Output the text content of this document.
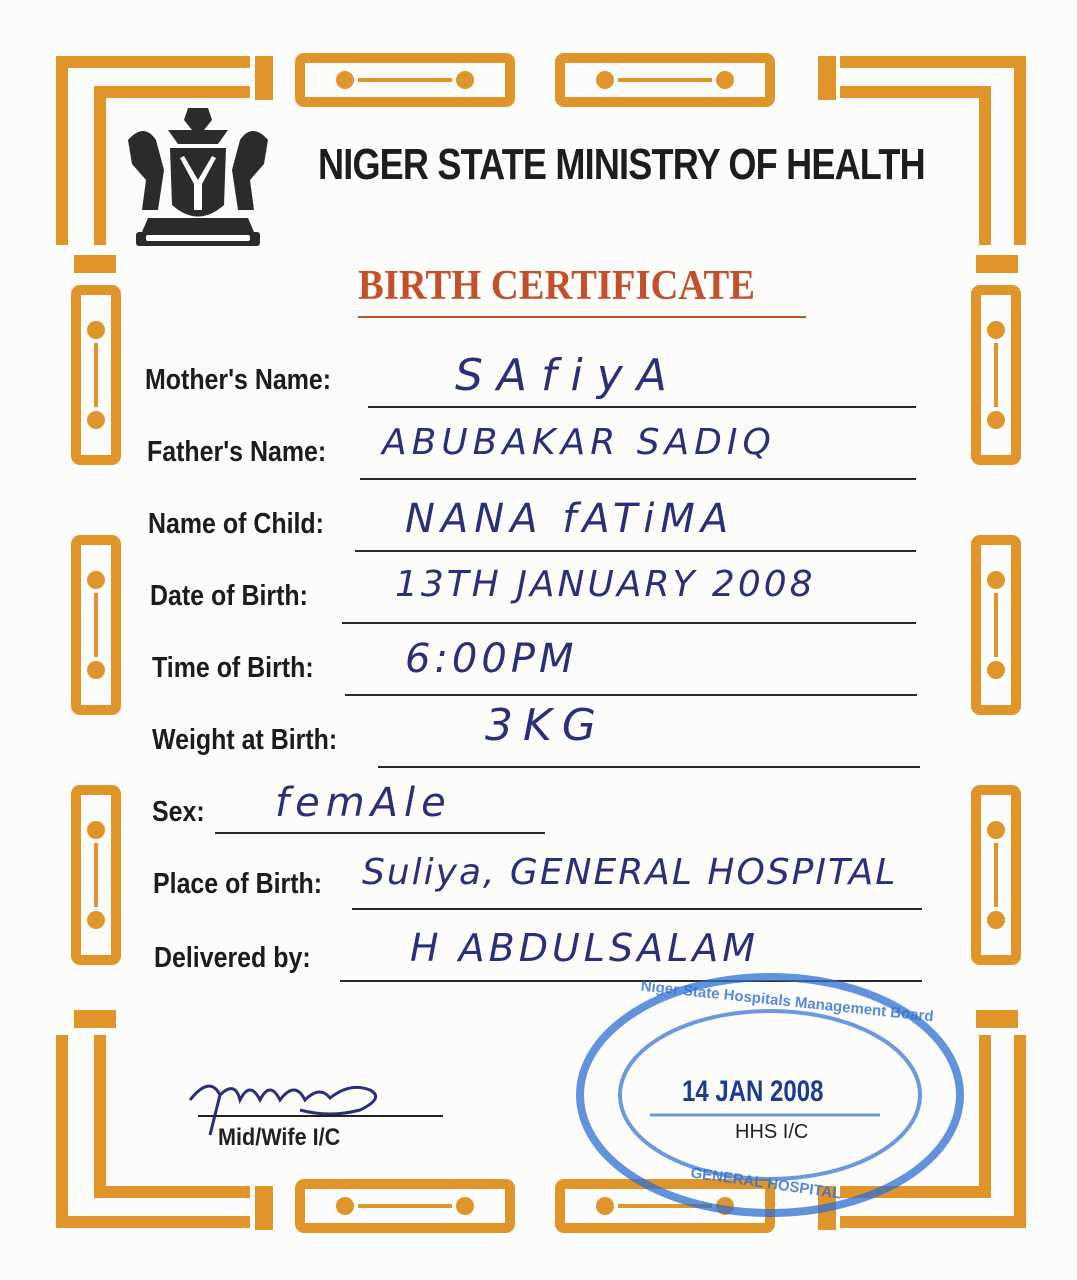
NIGER STATE MINISTRY OF HEALTH
BIRTH CERTIFICATE
Mother's Name:	SAfiyA
Father's Name: ABUBAKAR SADIQ
Name of Child: NANA fATiMA
Date of Birth: 13TH JANUARY 2008
Time of Birth: 6:00PM
Weight at Birth:	3KG
Sex: femAle
Place of Birth: Suliya, GENERAL HOSPITAL
Delivered by:	H ABDULSALAM
Mid/Wife I/C
Niger State Hospitals Management Board
14 JAN 2008
HHS I/C
GENERAL HOSPITAL
